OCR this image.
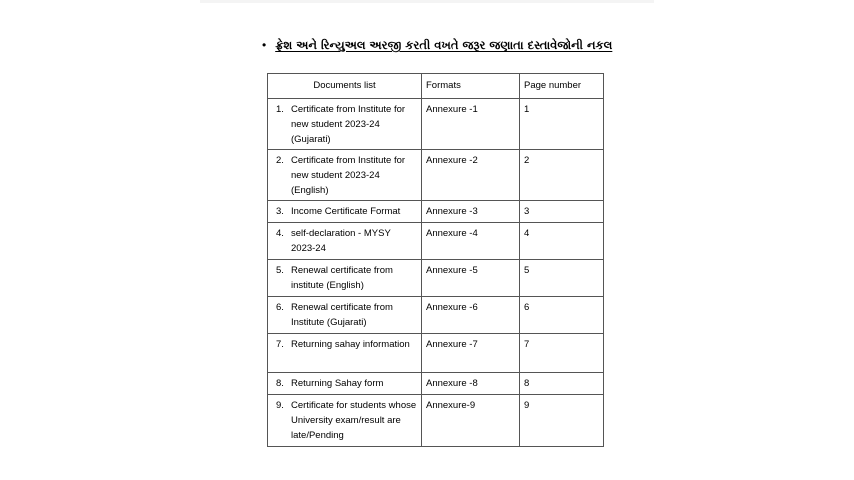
• ફ્રેશ અને રિન્યુઅલ અરજી કરતી વખતે જરૂર જણાતા દસ્તાવેજોની નકલ
Documents list	Formats	Page number

1. Certificate from Institute for new student 2023-24 (Gujarati)	Annexure -1	1

2. Certificate from Institute for new student 2023-24 (English)	Annexure -2	2

3. Income Certificate Format	Annexure -3	3

4. self-declaration - MYSY 2023-24	Annexure -4	4

5. Renewal certificate from institute (English)	Annexure -5	5

6. Renewal certificate from Institute (Gujarati)	Annexure -6	6

7. Returning sahay information	Annexure -7	7

8. Returning Sahay form	Annexure -8	8

9. Certificate for students whose University exam/result are late/Pending	Annexure-9	9
